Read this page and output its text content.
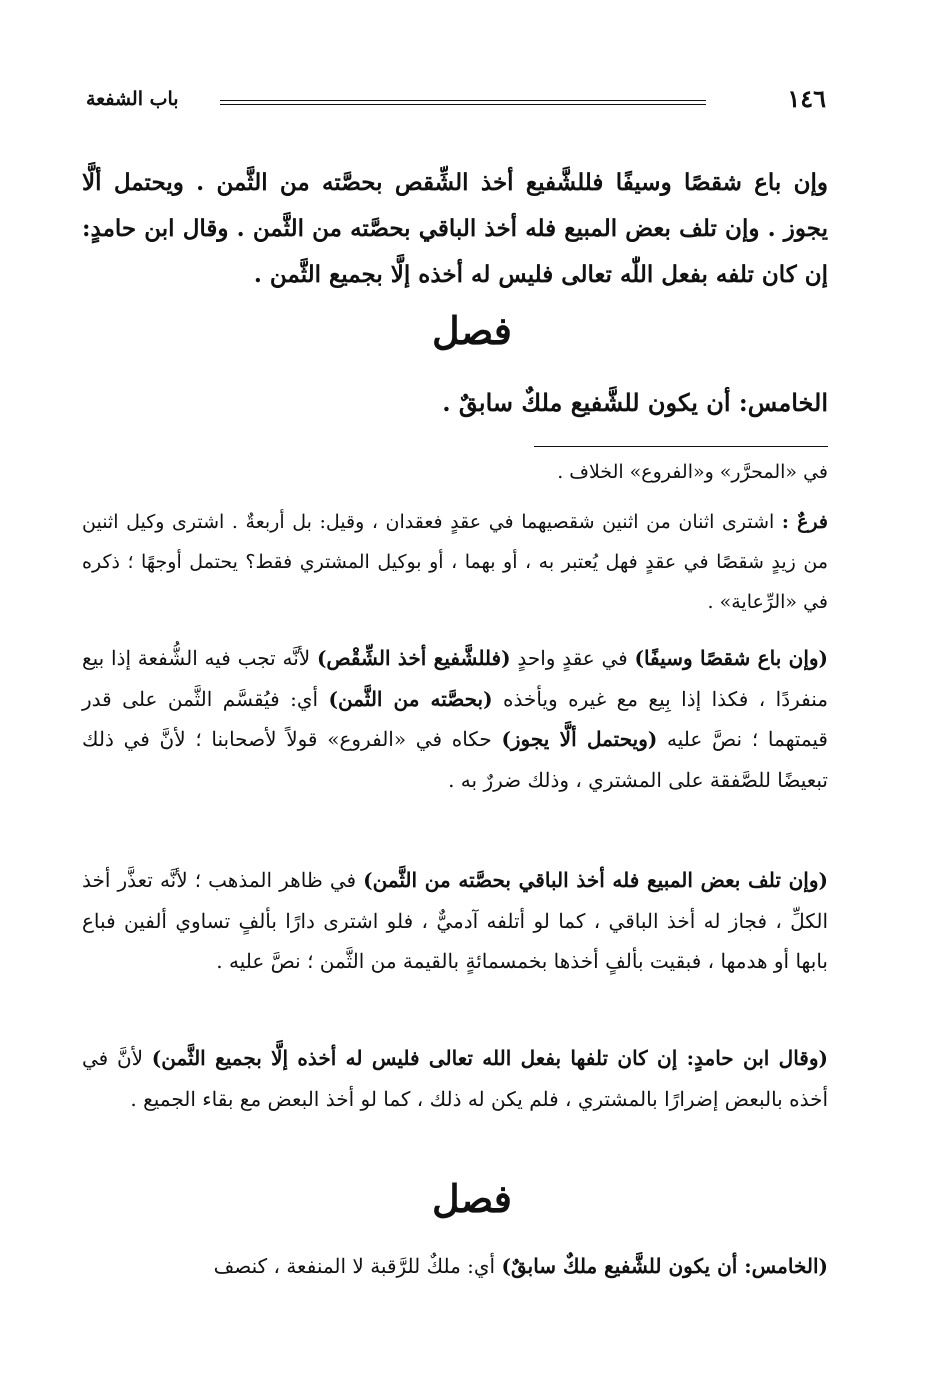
١٤٦
باب الشفعة

وإن باع شقصًا وسيفًا فللشَّفيع أخذ الشِّقص بحصَّته من الثَّمن . ويحتمل ألَّا يجوز . وإن تلف بعض المبيع فله أخذ الباقي بحصَّته من الثَّمن . وقال ابن حامدٍ: إن كان تلفه بفعل اللّٰه تعالى فليس له أخذه إلَّا بجميع الثَّمن .

فصل

الخامس: أن يكون للشَّفيع ملكٌ سابقٌ .

في «المحرَّر» و«الفروع» الخلاف .

فرعٌ : اشترى اثنان من اثنين شقصيهما في عقدٍ فعقدان ، وقيل: بل أربعةٌ . اشترى وكيل اثنين من زيدٍ شقصًا في عقدٍ فهل يُعتبر به ، أو بهما ، أو بوكيل المشتري فقط؟ يحتمل أوجهًا ؛ ذكره في «الرِّعاية» .

(وإن باع شقصًا وسيفًا) في عقدٍ واحدٍ (فللشَّفيع أخذ الشِّقْص) لأنَّه تجب فيه الشُّفعة إذا بيع منفردًا ، فكذا إذا بِيع مع غيره ويأخذه (بحصَّته من الثَّمن) أي: فيُقسَّم الثَّمن على قدر قيمتهما ؛ نصَّ عليه (ويحتمل ألَّا يجوز) حكاه في «الفروع» قولاً لأصحابنا ؛ لأنَّ في ذلك تبعيضًا للصَّفقة على المشتري ، وذلك ضررٌ به .

(وإن تلف بعض المبيع فله أخذ الباقي بحصَّته من الثَّمن) في ظاهر المذهب ؛ لأنَّه تعذَّر أخذ الكلِّ ، فجاز له أخذ الباقي ، كما لو أتلفه آدميٌّ ، فلو اشترى دارًا بألفٍ تساوي ألفين فباع بابها أو هدمها ، فبقيت بألفٍ أخذها بخمسمائةٍ بالقيمة من الثَّمن ؛ نصَّ عليه .

(وقال ابن حامدٍ: إن كان تلفها بفعل الله تعالى فليس له أخذه إلَّا بجميع الثَّمن) لأنَّ في أخذه بالبعض إضرارًا بالمشتري ، فلم يكن له ذلك ، كما لو أخذ البعض مع بقاء الجميع .

فصل

(الخامس: أن يكون للشَّفيع ملكٌ سابقٌ) أي: ملكٌ للرَّقبة لا المنفعة ، كنصف
